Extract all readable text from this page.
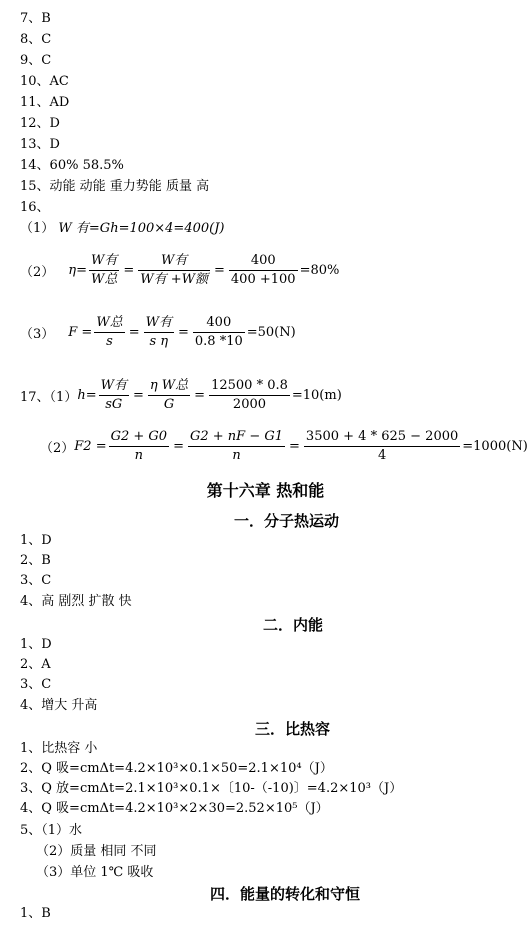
7、B
8、C
9、C
10、AC
11、AD
12、D
13、D
14、60% 58.5%
15、动能 动能 重力势能 质量 高
16、
（1） W 有=Gh=100×4=400(J)
（2） $\eta= \frac{\text{W有}}{\text{W总}} = \frac{\text{W有}}{\text{W有 +W额}} = \frac{400}{400 +100} =80\%$
（3） $F = \frac{\text{W总}}{s} = \frac{\text{W有}}{\text{s η}} = \frac{400}{0.8 *10} =50(N)$
17、（1） $h= \frac{\text{W有}}{sG} = \frac{\text{η W总}}{G} = \frac{12500 * 0.8}{2000} =10(m)$
（2） $F2 = \frac{G2 + G0}{n} = \frac{G2 + nF - G1}{n} = \frac{3500 + 4 * 625 - 2000}{4} =1000(N)$
第十六章 热和能
一．分子热运动
1、D
2、B
3、C
4、高 剧烈 扩散 快
二．内能
1、D
2、A
3、C
4、增大 升高
三．比热容
1、比热容 小
2、Q 吸=cmΔt=4.2×10³×0.1×50=2.1×10⁴（J）
3、Q 放=cmΔt=2.1×10³×0.1×〔10-（-10)〕=4.2×10³（J）
4、Q 吸=cmΔt=4.2×10³×2×30=2.52×10⁵（J）
5、（1）水
（2）质量 相同 不同
（3）单位 1℃ 吸收
四．能量的转化和守恒
1、B
